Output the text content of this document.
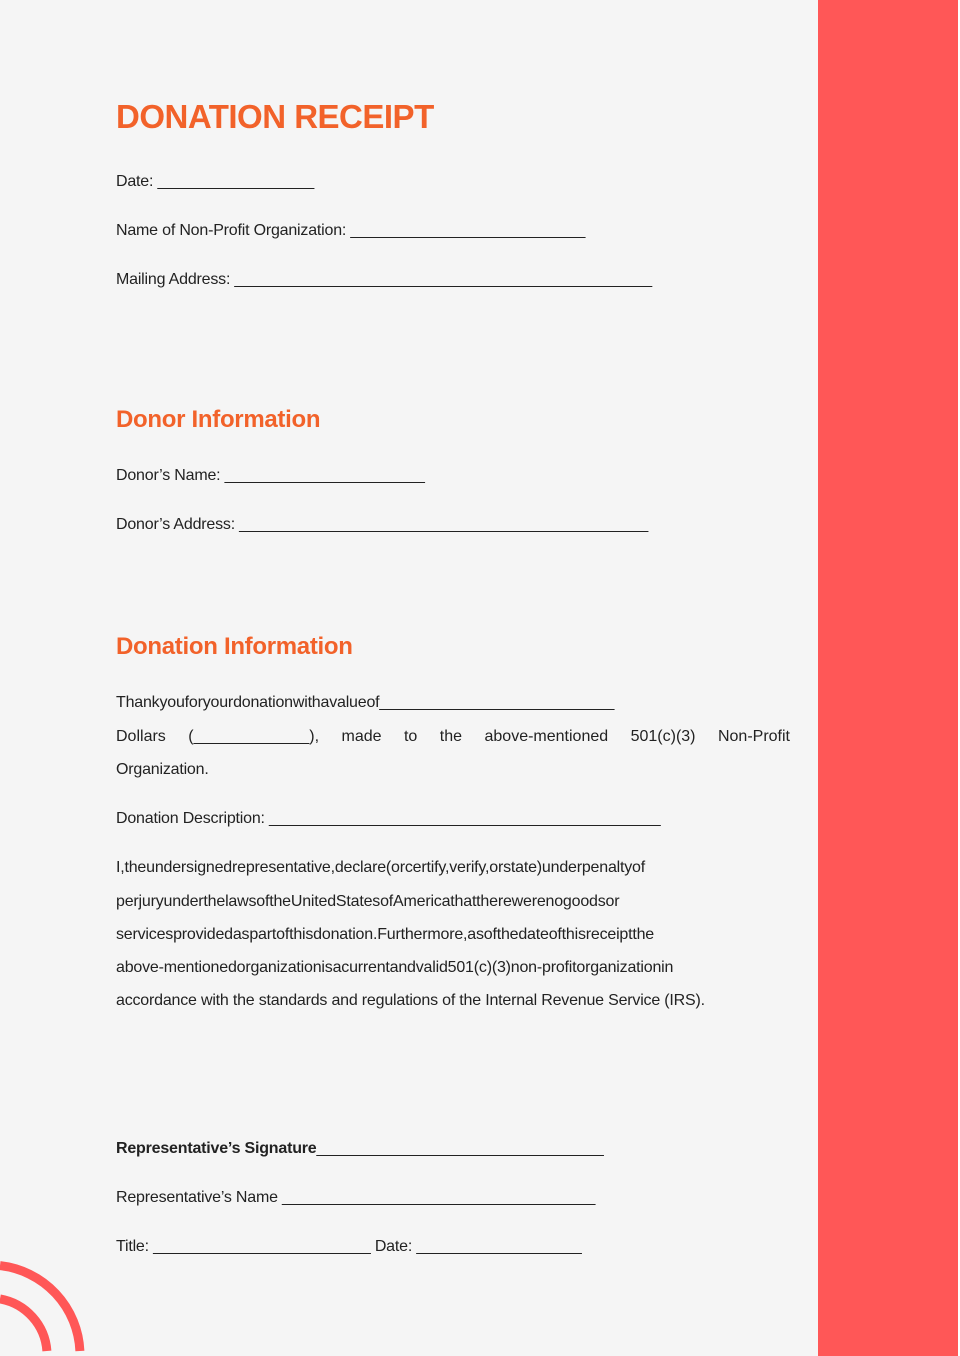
DONATION RECEIPT
Date: __________________
Name of Non-Profit Organization: ___________________________
Mailing Address: ________________________________________________
Donor Information
Donor’s Name: _______________________
Donor’s Address: _______________________________________________
Donation Information
Thankyouforyourdonationwithavalueof___________________________
Dollars (_____________), made to the above-mentioned 501(c)(3) Non-Profit
Organization.
Donation Description: _____________________________________________
I,theundersignedrepresentative,declare(orcertify,verify,orstate)underpenaltyof
perjuryunderthelawsoftheUnitedStatesofAmericathattherewerenogoodsor
servicesprovidedaspartofthisdonation.Furthermore,asofthedateofthisreceiptthe
above-mentionedorganizationisacurrentandvalid501(c)(3)non-profitorganizationin
accordance with the standards and regulations of the Internal Revenue Service (IRS).
Representative’s Signature_________________________________
Representative’s Name ____________________________________
Title: _________________________ Date: ___________________
